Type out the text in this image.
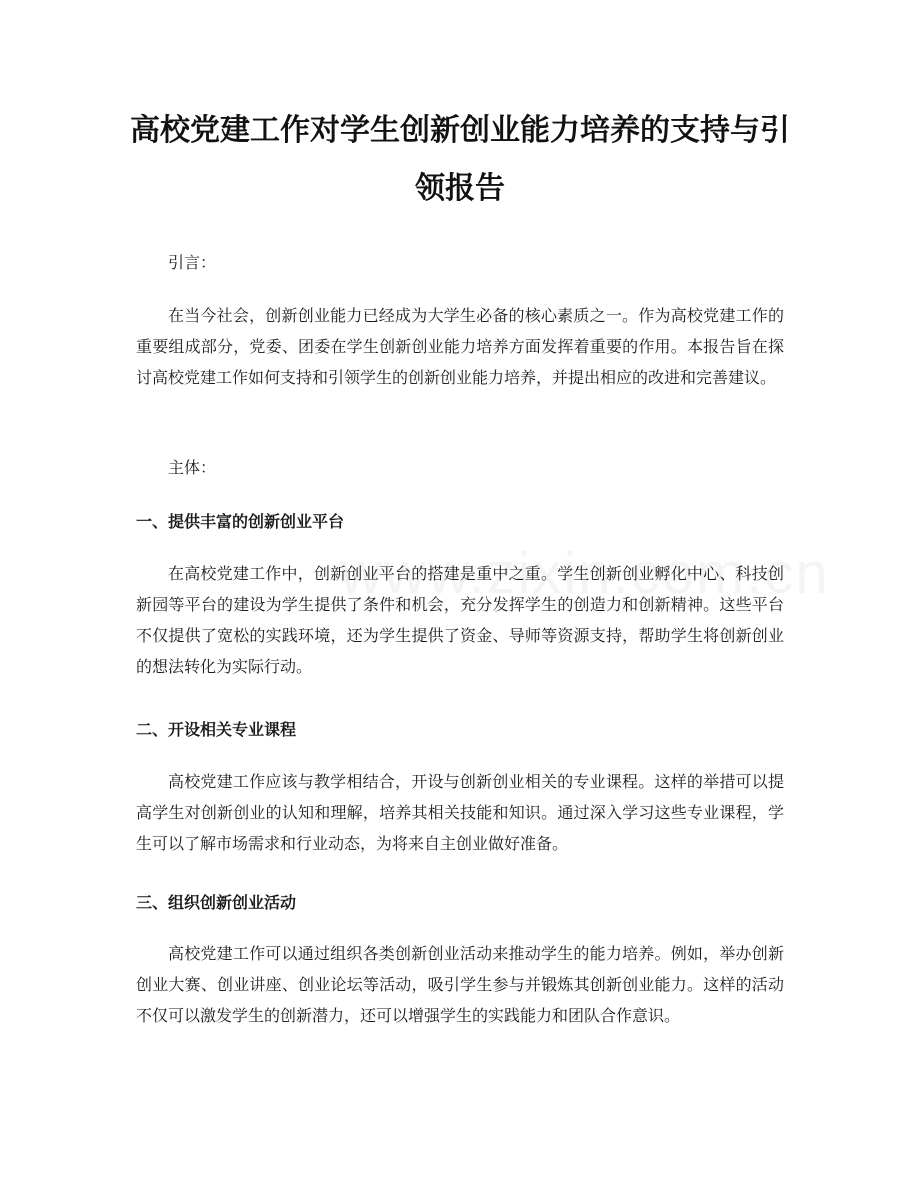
高校党建工作对学生创新创业能力培养的支持与引领报告

引言：

在当今社会，创新创业能力已经成为大学生必备的核心素质之一。作为高校党建工作的重要组成部分，党委、团委在学生创新创业能力培养方面发挥着重要的作用。本报告旨在探讨高校党建工作如何支持和引领学生的创新创业能力培养，并提出相应的改进和完善建议。

主体：

一、提供丰富的创新创业平台

在高校党建工作中，创新创业平台的搭建是重中之重。学生创新创业孵化中心、科技创新园等平台的建设为学生提供了条件和机会，充分发挥学生的创造力和创新精神。这些平台不仅提供了宽松的实践环境，还为学生提供了资金、导师等资源支持，帮助学生将创新创业的想法转化为实际行动。

二、开设相关专业课程

高校党建工作应该与教学相结合，开设与创新创业相关的专业课程。这样的举措可以提高学生对创新创业的认知和理解，培养其相关技能和知识。通过深入学习这些专业课程，学生可以了解市场需求和行业动态，为将来自主创业做好准备。

三、组织创新创业活动

高校党建工作可以通过组织各类创新创业活动来推动学生的能力培养。例如，举办创新创业大赛、创业讲座、创业论坛等活动，吸引学生参与并锻炼其创新创业能力。这样的活动不仅可以激发学生的创新潜力，还可以增强学生的实践能力和团队合作意识。
